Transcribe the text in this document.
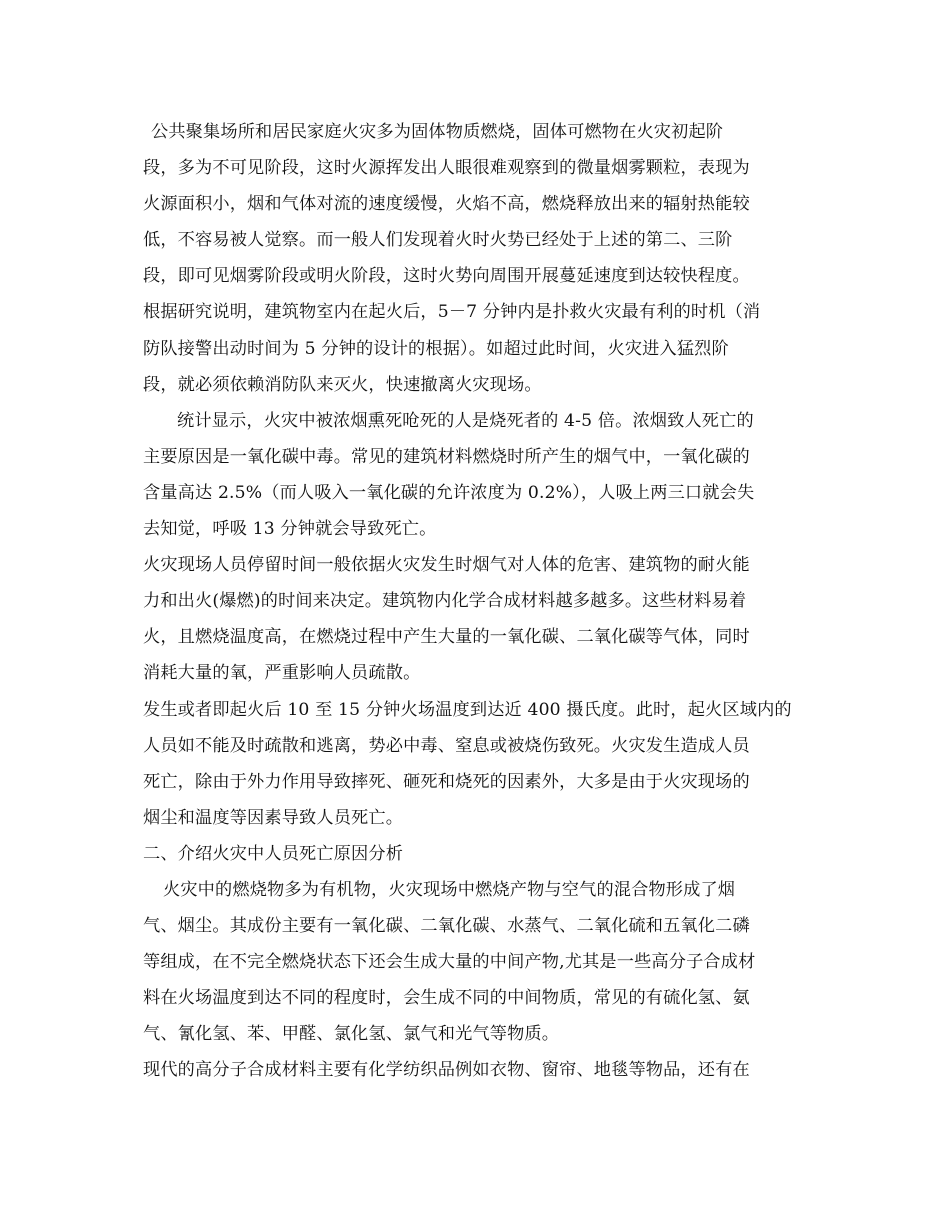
公共聚集场所和居民家庭火灾多为固体物质燃烧，固体可燃物在火灾初起阶
段，多为不可见阶段，这时火源挥发出人眼很难观察到的微量烟雾颗粒，表现为
火源面积小，烟和气体对流的速度缓慢，火焰不高，燃烧释放出来的辐射热能较
低，不容易被人觉察。而一般人们发现着火时火势已经处于上述的第二、三阶
段，即可见烟雾阶段或明火阶段，这时火势向周围开展蔓延速度到达较快程度。
根据研究说明，建筑物室内在起火后，5－7 分钟内是扑救火灾最有利的时机（消
防队接警出动时间为 5 分钟的设计的根据）。如超过此时间，火灾进入猛烈阶
段，就必须依赖消防队来灭火，快速撤离火灾现场。
统计显示，火灾中被浓烟熏死呛死的人是烧死者的 4-5 倍。浓烟致人死亡的
主要原因是一氧化碳中毒。常见的建筑材料燃烧时所产生的烟气中，一氧化碳的
含量高达 2.5%（而人吸入一氧化碳的允许浓度为 0.2%），人吸上两三口就会失
去知觉，呼吸 13 分钟就会导致死亡。
火灾现场人员停留时间一般依据火灾发生时烟气对人体的危害、建筑物的耐火能
力和出火(爆燃)的时间来决定。建筑物内化学合成材料越多越多。这些材料易着
火，且燃烧温度高，在燃烧过程中产生大量的一氧化碳、二氧化碳等气体，同时
消耗大量的氧，严重影响人员疏散。
发生或者即起火后 10 至 15 分钟火场温度到达近 400 摄氏度。此时，起火区域内的
人员如不能及时疏散和逃离，势必中毒、窒息或被烧伤致死。火灾发生造成人员
死亡，除由于外力作用导致摔死、砸死和烧死的因素外，大多是由于火灾现场的
烟尘和温度等因素导致人员死亡。
二、介绍火灾中人员死亡原因分析
火灾中的燃烧物多为有机物，火灾现场中燃烧产物与空气的混合物形成了烟
气、烟尘。其成份主要有一氧化碳、二氧化碳、水蒸气、二氧化硫和五氧化二磷
等组成，在不完全燃烧状态下还会生成大量的中间产物,尤其是一些高分子合成材
料在火场温度到达不同的程度时，会生成不同的中间物质，常见的有硫化氢、氨
气、氰化氢、苯、甲醛、氯化氢、氯气和光气等物质。
现代的高分子合成材料主要有化学纺织品例如衣物、窗帘、地毯等物品，还有在
